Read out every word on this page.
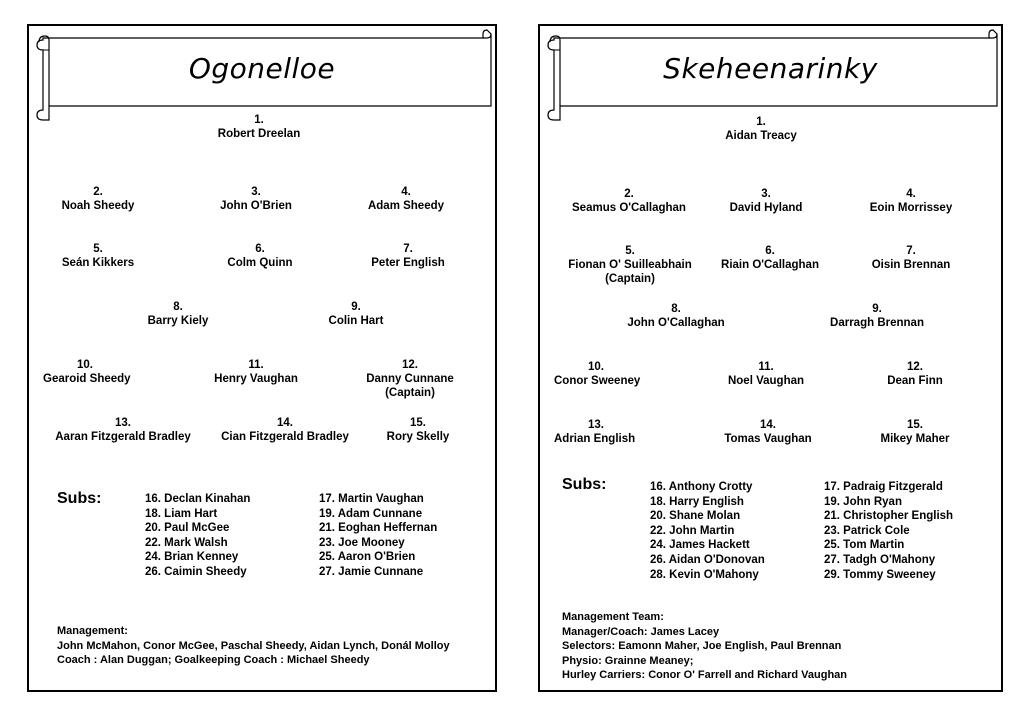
Ogonelloe
1.
Robert Dreelan
2.
Noah Sheedy
3.
John O'Brien
4.
Adam Sheedy
5.
Seán Kikkers
6.
Colm Quinn
7.
Peter English
8.
Barry Kiely
9.
Colin Hart
10.
Gearoid Sheedy
11.
Henry Vaughan
12.
Danny Cunnane
(Captain)
13.
Aaran Fitzgerald Bradley
14.
Cian Fitzgerald Bradley
15.
Rory Skelly
Subs:	16. Declan Kinahan
18. Liam Hart
20. Paul McGee
22. Mark Walsh
24. Brian Kenney
26. Caimin Sheedy
17. Martin Vaughan
19. Adam Cunnane
21. Eoghan Heffernan
23. Joe Mooney
25. Aaron O'Brien
27. Jamie Cunnane
Management:
John McMahon, Conor McGee, Paschal Sheedy, Aidan Lynch, Donál Molloy
Coach : Alan Duggan; Goalkeeping Coach : Michael Sheedy
Skeheenarinky
1.
Aidan Treacy
2.
Seamus O'Callaghan
3.
David Hyland
4.
Eoin Morrissey
5.
Fionan O' Suilleabhain
(Captain)
6.
Riain O'Callaghan
7.
Oisin Brennan
8.
John O'Callaghan
9.
Darragh Brennan
10.
Conor Sweeney
11.
Noel Vaughan
12.
Dean Finn
13.
Adrian English
14.
Tomas Vaughan
15.
Mikey Maher
Subs:	16. Anthony Crotty
18. Harry English
20. Shane Molan
22. John Martin
24. James Hackett
26. Aidan O'Donovan
28. Kevin O'Mahony
17. Padraig Fitzgerald
19. John Ryan
21. Christopher English
23. Patrick Cole
25. Tom Martin
27. Tadgh O'Mahony
29. Tommy Sweeney
Management Team:
Manager/Coach: James Lacey
Selectors: Eamonn Maher, Joe English, Paul Brennan
Physio: Grainne Meaney;
Hurley Carriers: Conor O' Farrell and Richard Vaughan
